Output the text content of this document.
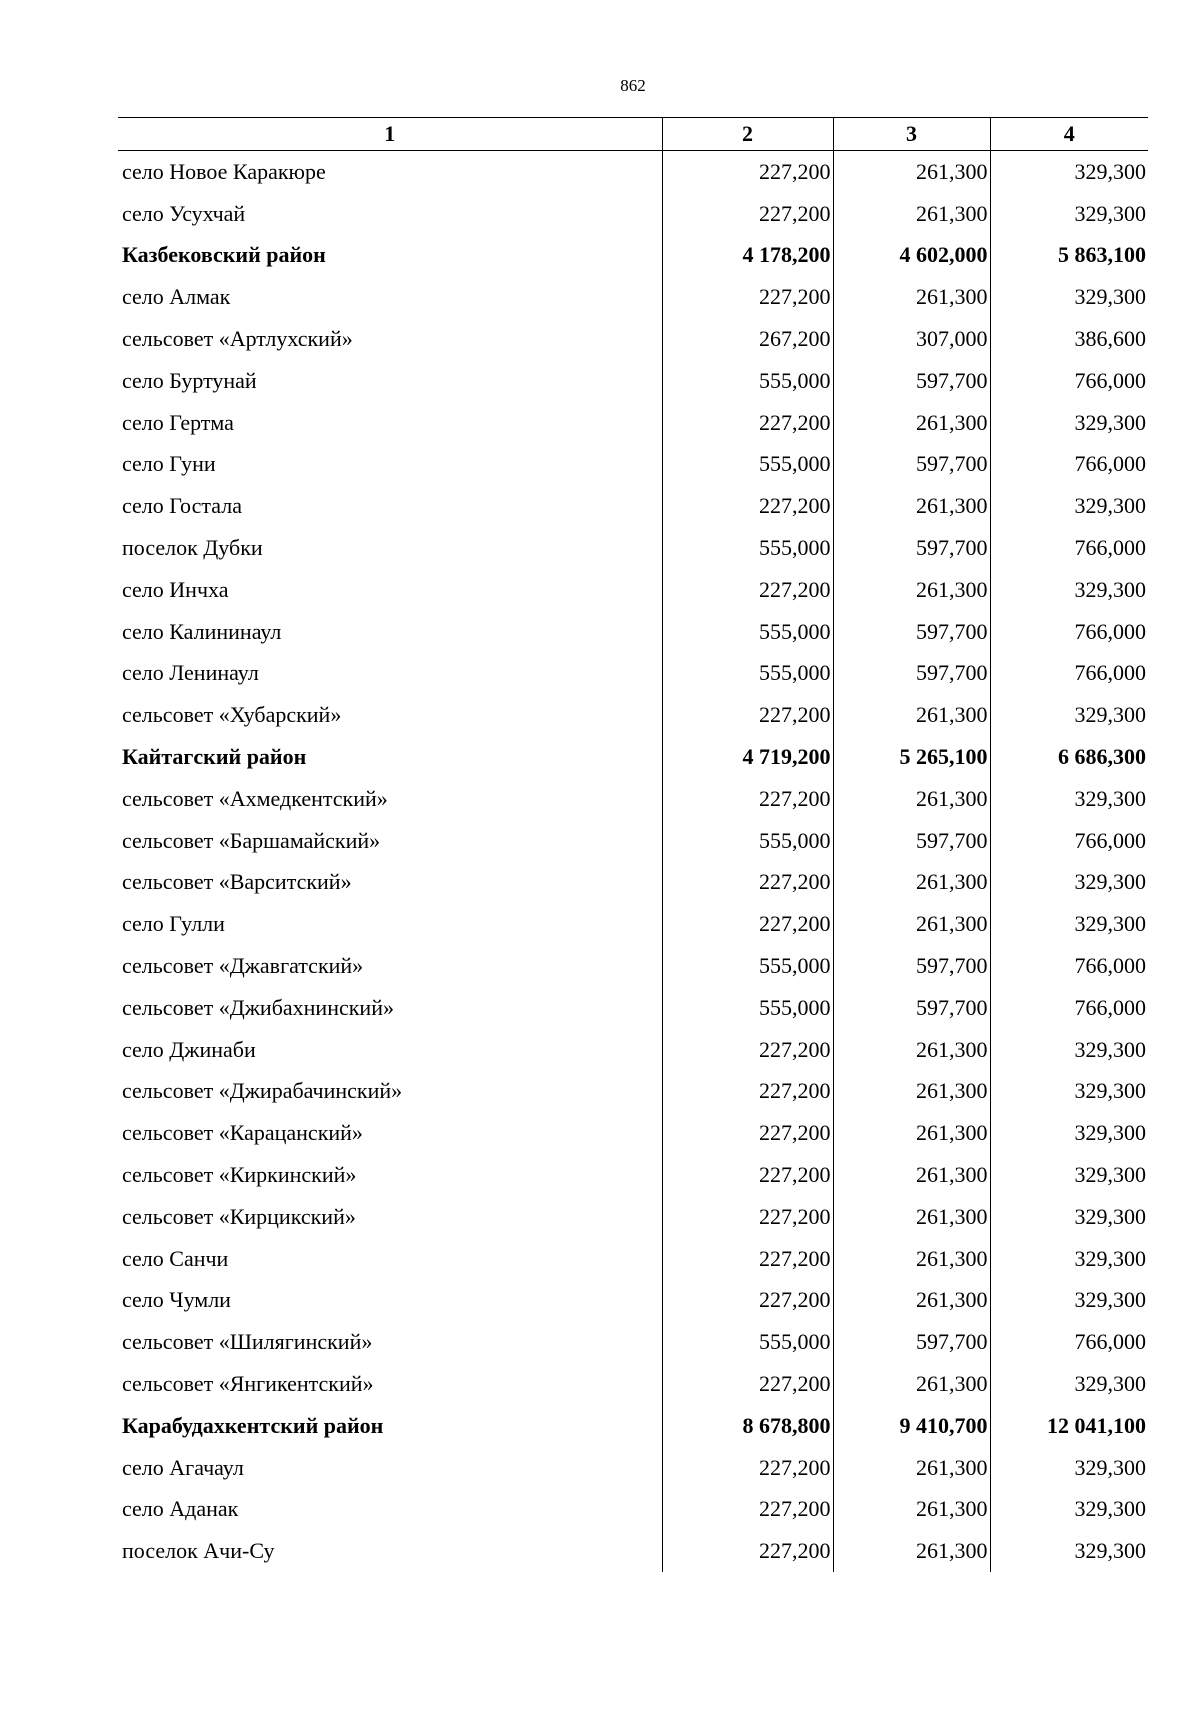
862
1	2	3	4
село Новое Каракюре	227,200	261,300	329,300
село Усухчай	227,200	261,300	329,300
Казбековский район	4 178,200	4 602,000	5 863,100
село Алмак	227,200	261,300	329,300
сельсовет «Артлухский»	267,200	307,000	386,600
село Буртунай	555,000	597,700	766,000
село Гертма	227,200	261,300	329,300
село Гуни	555,000	597,700	766,000
село Гостала	227,200	261,300	329,300
поселок Дубки	555,000	597,700	766,000
село Инчха	227,200	261,300	329,300
село Калининаул	555,000	597,700	766,000
село Ленинаул	555,000	597,700	766,000
сельсовет «Хубарский»	227,200	261,300	329,300
Кайтагский район	4 719,200	5 265,100	6 686,300
сельсовет «Ахмедкентский»	227,200	261,300	329,300
сельсовет «Баршамайский»	555,000	597,700	766,000
сельсовет «Варситский»	227,200	261,300	329,300
село Гулли	227,200	261,300	329,300
сельсовет «Джавгатский»	555,000	597,700	766,000
сельсовет «Джибахнинский»	555,000	597,700	766,000
село Джинаби	227,200	261,300	329,300
сельсовет «Джирабачинский»	227,200	261,300	329,300
сельсовет «Карацанский»	227,200	261,300	329,300
сельсовет «Киркинский»	227,200	261,300	329,300
сельсовет «Кирцикский»	227,200	261,300	329,300
село Санчи	227,200	261,300	329,300
село Чумли	227,200	261,300	329,300
сельсовет «Шилягинский»	555,000	597,700	766,000
сельсовет «Янгикентский»	227,200	261,300	329,300
Карабудахкентский район	8 678,800	9 410,700	12 041,100
село Агачаул	227,200	261,300	329,300
село Аданак	227,200	261,300	329,300
поселок Ачи-Су	227,200	261,300	329,300
